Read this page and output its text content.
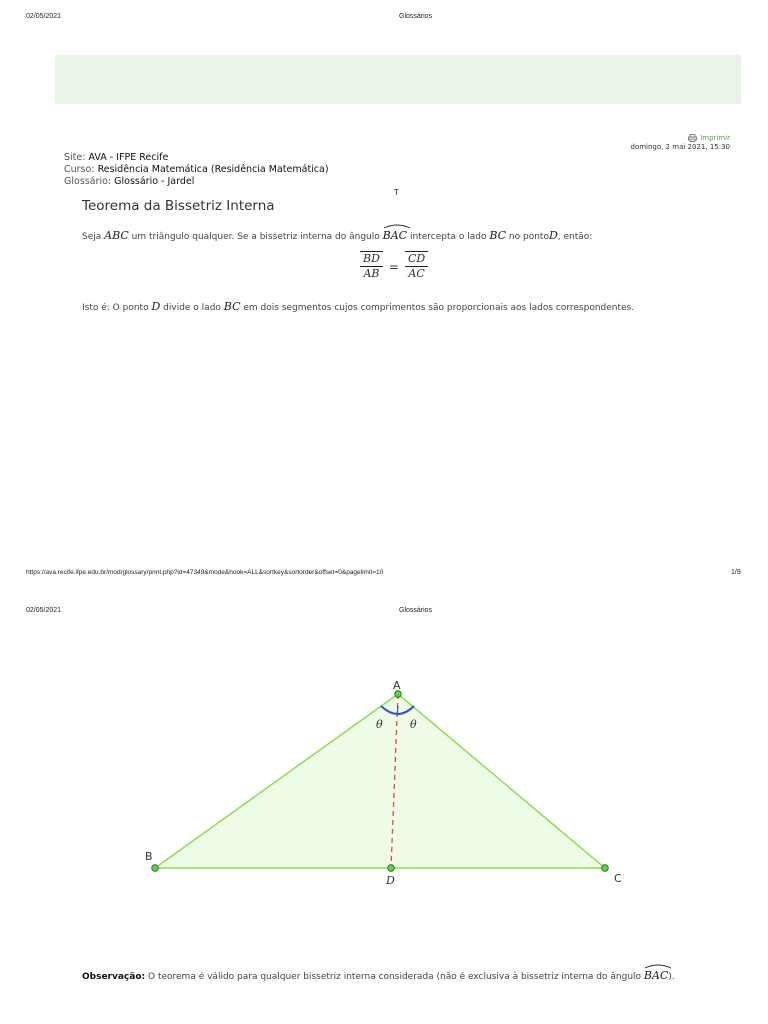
02/05/2021	Glossários
Imprimir
domingo, 2 mai 2021, 15:30
Site: AVA - IFPE Recife
Curso: Residência Matemática (Residência Matemática)
Glossário: Glossário - Jardel
T
Teorema da Bissetriz Interna
Seja ABC um triângulo qualquer. Se a bissetriz interna do ângulo BAC intercepta o lado BC no pontoD, então:
$\frac{BD}{AB} = \frac{CD}{AC}$
Isto é: O ponto D divide o lado BC em dois segmentos cujos comprimentos são proporcionais aos lados correspondentes.
https://ava.recife.ifpe.edu.br/mod/glossary/print.php?id=47349&mode&hook=ALL&sortkey&sortorder&offset=0&pagelimit=10	1/9
02/05/2021	Glossários
A
B
C
D
θ θ
Observação: O teorema é válido para qualquer bissetriz interna considerada (não é exclusiva à bissetriz interna do ângulo BAC).
